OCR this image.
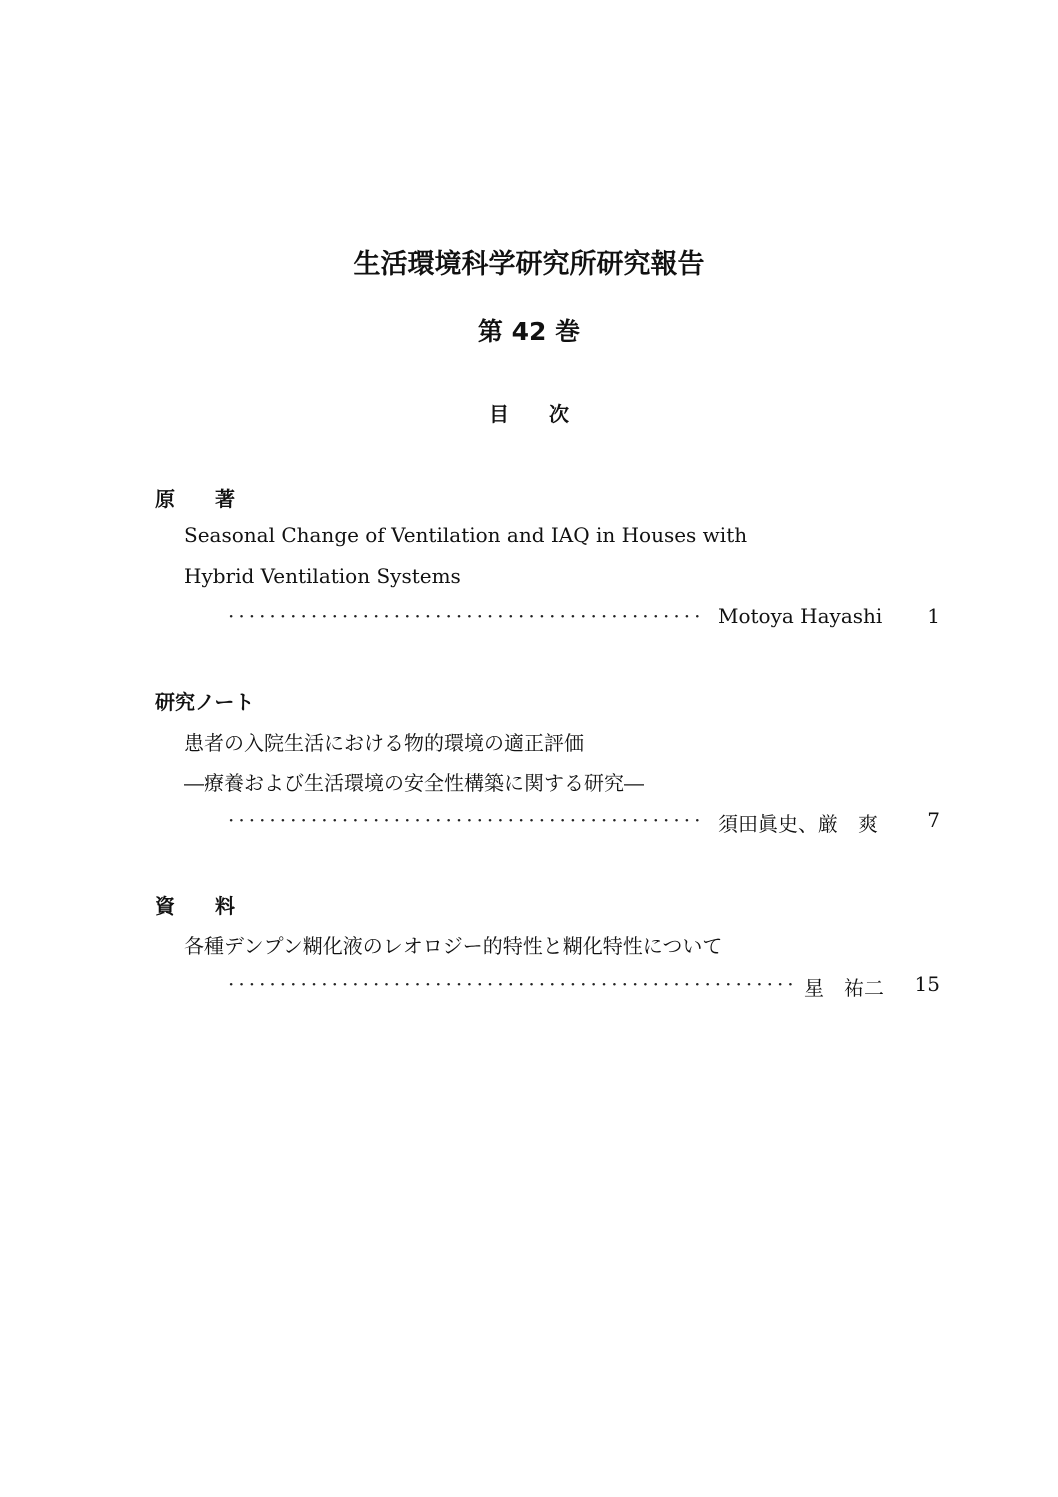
生活環境科学研究所研究報告
第 42 巻
目 次
原 著
Seasonal Change of Ventilation and IAQ in Houses with
Hybrid Ventilation Systems
·············································· Motoya Hayashi 1
研究ノート
患者の入院生活における物的環境の適正評価
―療養および生活環境の安全性構築に関する研究―
·············································· 須田眞史、厳　爽 7
資 料
各種デンプン糊化液のレオロジー的特性と糊化特性について
······················································· 星　祐二 15
